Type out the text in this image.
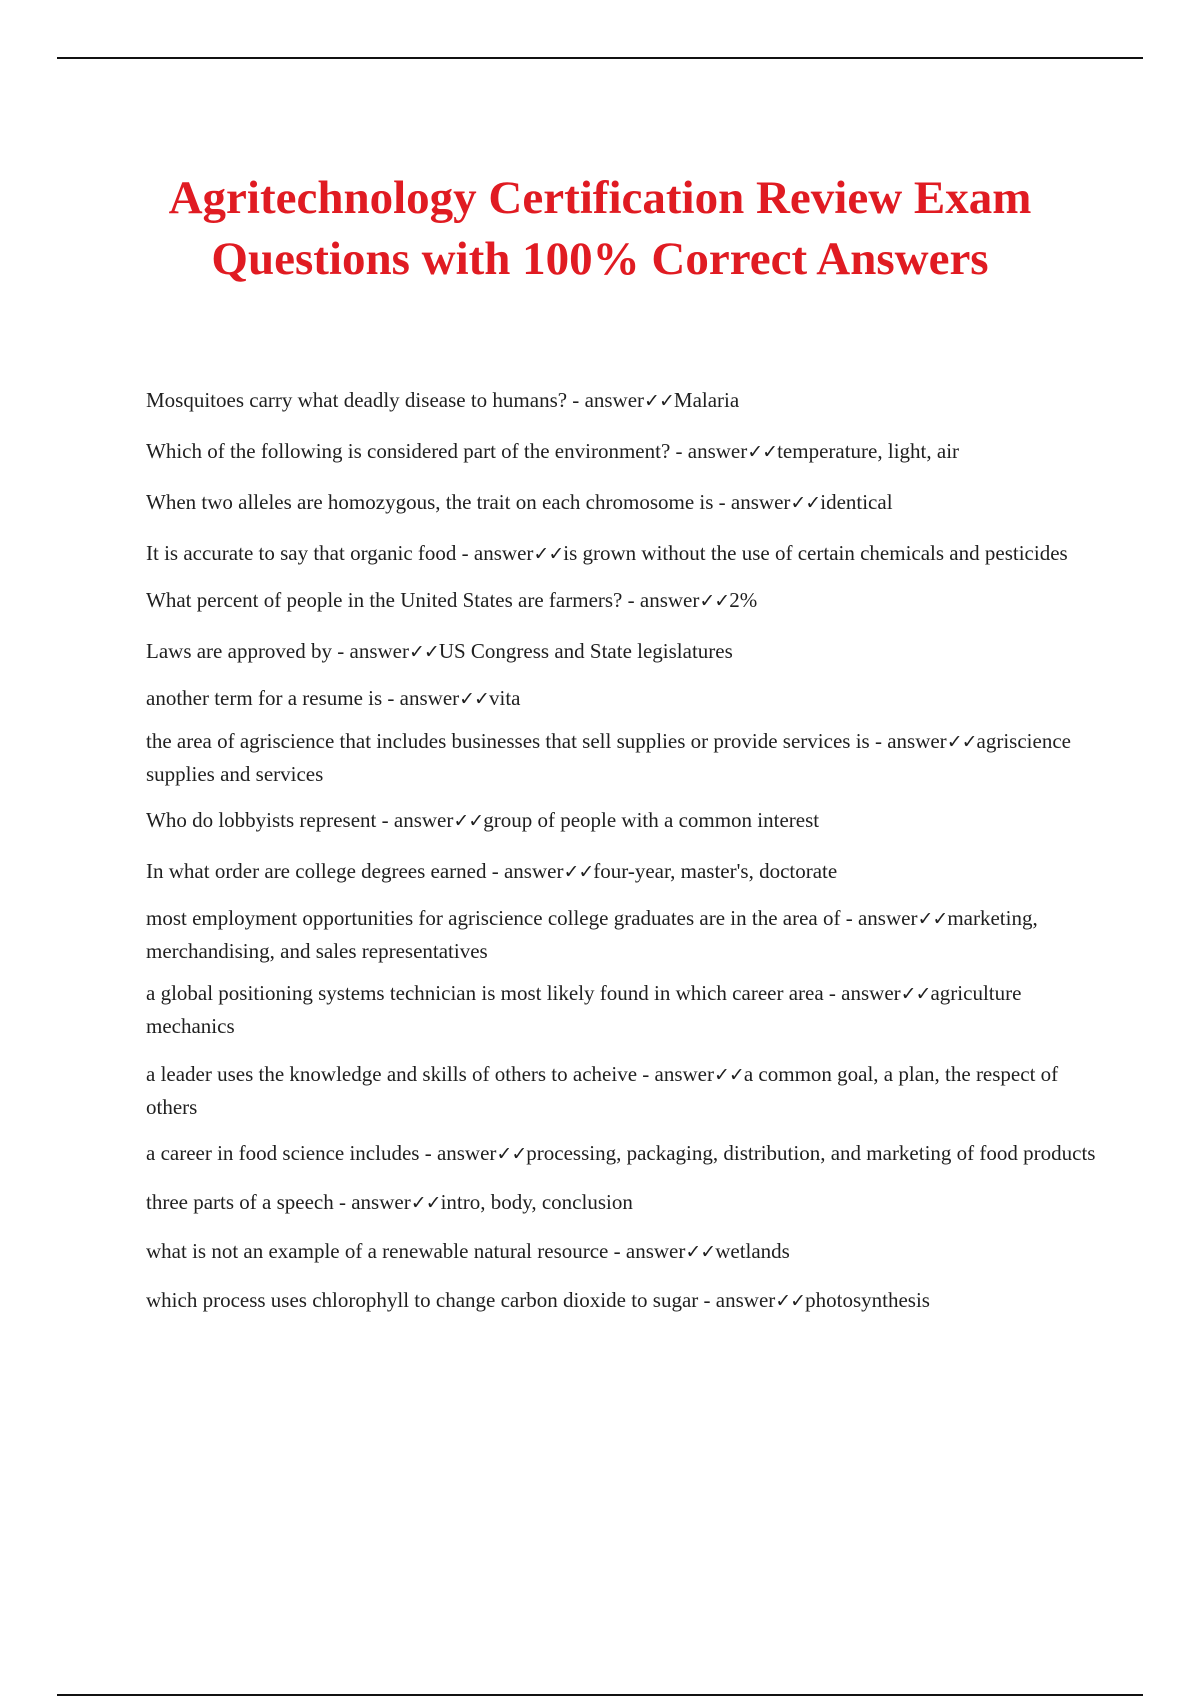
Agritechnology Certification Review Exam
Questions with 100% Correct Answers
Mosquitoes carry what deadly disease to humans? - answer✓✓Malaria
Which of the following is considered part of the environment? - answer✓✓temperature, light, air
When two alleles are homozygous, the trait on each chromosome is - answer✓✓identical
It is accurate to say that organic food - answer✓✓is grown without the use of certain chemicals and pesticides
What percent of people in the United States are farmers? - answer✓✓2%
Laws are approved by - answer✓✓US Congress and State legislatures
another term for a resume is - answer✓✓vita
the area of agriscience that includes businesses that sell supplies or provide services is - answer✓✓agriscience supplies and services
Who do lobbyists represent - answer✓✓group of people with a common interest
In what order are college degrees earned - answer✓✓four-year, master's, doctorate
most employment opportunities for agriscience college graduates are in the area of - answer✓✓marketing, merchandising, and sales representatives
a global positioning systems technician is most likely found in which career area - answer✓✓agriculture mechanics
a leader uses the knowledge and skills of others to acheive - answer✓✓a common goal, a plan, the respect of others
a career in food science includes - answer✓✓processing, packaging, distribution, and marketing of food products
three parts of a speech - answer✓✓intro, body, conclusion
what is not an example of a renewable natural resource - answer✓✓wetlands
which process uses chlorophyll to change carbon dioxide to sugar - answer✓✓photosynthesis
